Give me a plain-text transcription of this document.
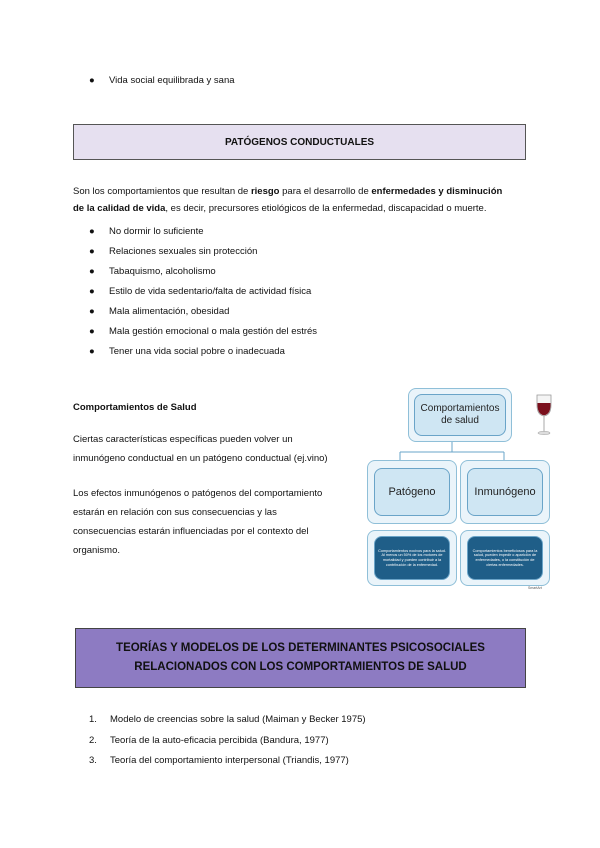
● Vida social equilibrada y sana
PATÓGENOS CONDUCTUALES
Son los comportamientos que resultan de riesgo para el desarrollo de enfermedades y disminución
de la calidad de vida, es decir, precursores etiológicos de la enfermedad, discapacidad o muerte.
● No dormir lo suficiente
● Relaciones sexuales sin protección
● Tabaquismo, alcoholismo
● Estilo de vida sedentario/falta de actividad física
● Mala alimentación, obesidad
● Mala gestión emocional o mala gestión del estrés
● Tener una vida social pobre o inadecuada
Comportamientos de Salud
Ciertas características específicas pueden volver un
inmunógeno conductual en un patógeno conductual (ej.vino)
Los efectos inmunógenos o patógenos del comportamiento
estarán en relación con sus consecuencias y las
consecuencias estarán influenciadas por el contexto del
organismo.
Comportamientos
de salud
Patógeno	Inmunógeno
Comportamientos nocivos para la salud. Al menos un 50% de los motores de mortalidad y pueden contribuir a la contribución de la enfermedad.
Comportamientos beneficiosos para la salud, pueden impedir o aparición de enfermedades, o la constitución de ciertas enfermedades.
SmartArt
TEORÍAS Y MODELOS DE LOS DETERMINANTES PSICOSOCIALES
RELACIONADOS CON LOS COMPORTAMIENTOS DE SALUD
1. Modelo de creencias sobre la salud (Maiman y Becker 1975)
2. Teoría de la auto-eficacia percibida (Bandura, 1977)
3. Teoría del comportamiento interpersonal (Triandis, 1977)
